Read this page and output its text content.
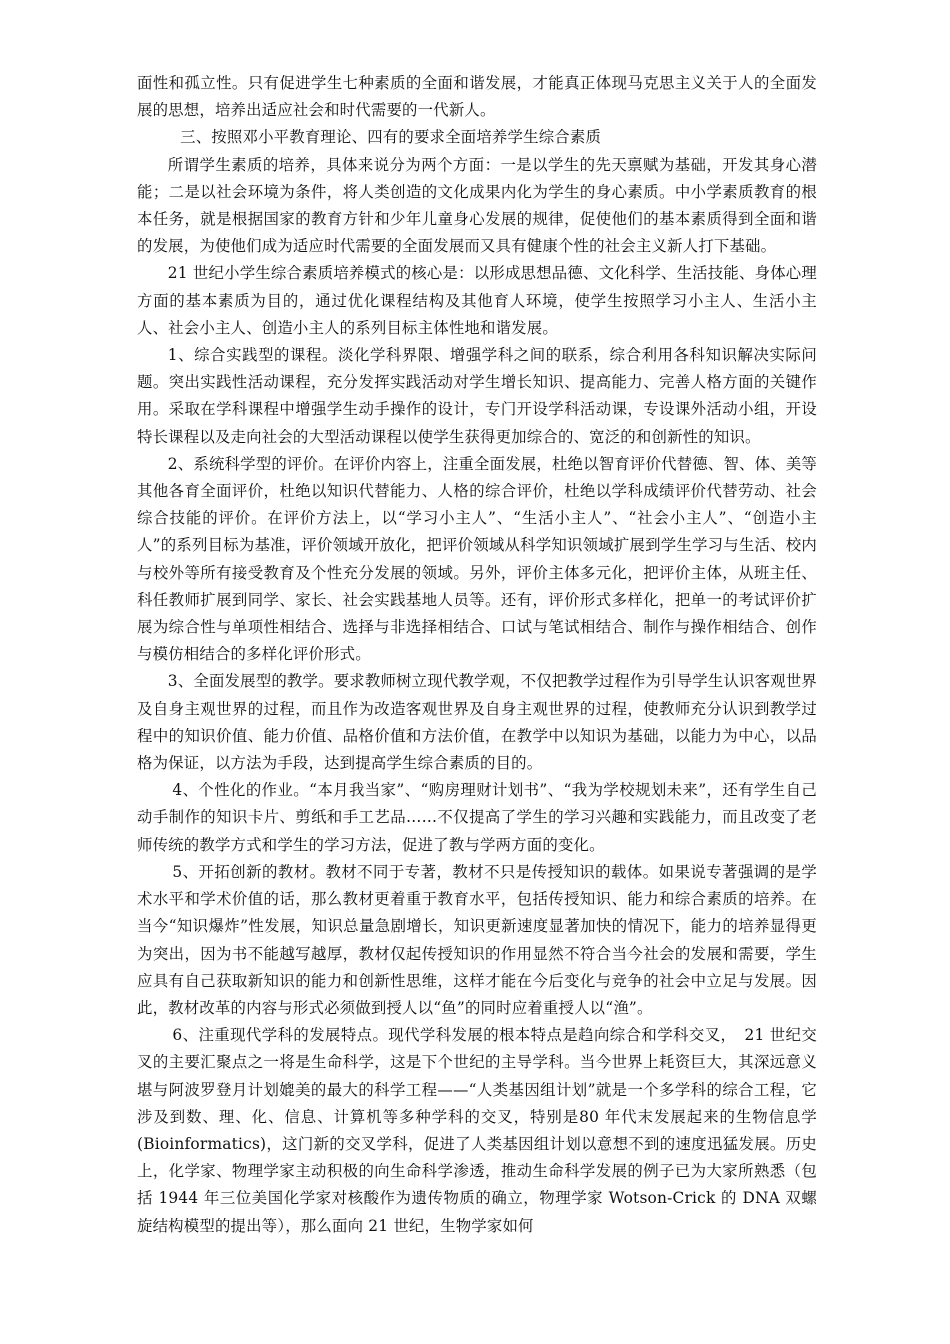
面性和孤立性。只有促进学生七种素质的全面和谐发展，才能真正体现马克思主义关于人的全面发展的思想，培养出适应社会和时代需要的一代新人。

三、按照邓小平教育理论、四有的要求全面培养学生综合素质

所谓学生素质的培养，具体来说分为两个方面：一是以学生的先天禀赋为基础，开发其身心潜能；二是以社会环境为条件，将人类创造的文化成果内化为学生的身心素质。中小学素质教育的根本任务，就是根据国家的教育方针和少年儿童身心发展的规律，促使他们的基本素质得到全面和谐的发展，为使他们成为适应时代需要的全面发展而又具有健康个性的社会主义新人打下基础。

21 世纪小学生综合素质培养模式的核心是：以形成思想品德、文化科学、生活技能、身体心理方面的基本素质为目的，通过优化课程结构及其他育人环境，使学生按照学习小主人、生活小主人、社会小主人、创造小主人的系列目标主体性地和谐发展。

1、综合实践型的课程。淡化学科界限、增强学科之间的联系，综合利用各科知识解决实际问题。突出实践性活动课程，充分发挥实践活动对学生增长知识、提高能力、完善人格方面的关键作用。采取在学科课程中增强学生动手操作的设计，专门开设学科活动课，专设课外活动小组，开设特长课程以及走向社会的大型活动课程以使学生获得更加综合的、宽泛的和创新性的知识。

2、系统科学型的评价。在评价内容上，注重全面发展，杜绝以智育评价代替德、智、体、美等其他各育全面评价，杜绝以知识代替能力、人格的综合评价，杜绝以学科成绩评价代替劳动、社会综合技能的评价。在评价方法上，以“学习小主人”、“生活小主人”、“社会小主人”、“创造小主人”的系列目标为基准，评价领域开放化，把评价领域从科学知识领域扩展到学生学习与生活、校内与校外等所有接受教育及个性充分发展的领域。另外，评价主体多元化，把评价主体，从班主任、科任教师扩展到同学、家长、社会实践基地人员等。还有，评价形式多样化，把单一的考试评价扩展为综合性与单项性相结合、选择与非选择相结合、口试与笔试相结合、制作与操作相结合、创作与模仿相结合的多样化评价形式。

3、全面发展型的教学。要求教师树立现代教学观，不仅把教学过程作为引导学生认识客观世界及自身主观世界的过程，而且作为改造客观世界及自身主观世界的过程，使教师充分认识到教学过程中的知识价值、能力价值、品格价值和方法价值，在教学中以知识为基础，以能力为中心，以品格为保证，以方法为手段，达到提高学生综合素质的目的。

4、个性化的作业。“本月我当家”、“购房理财计划书”、“我为学校规划未来”，还有学生自己动手制作的知识卡片、剪纸和手工艺品……不仅提高了学生的学习兴趣和实践能力，而且改变了老师传统的教学方式和学生的学习方法，促进了教与学两方面的变化。

5、开拓创新的教材。教材不同于专著，教材不只是传授知识的载体。如果说专著强调的是学术水平和学术价值的话，那么教材更着重于教育水平，包括传授知识、能力和综合素质的培养。在当今“知识爆炸”性发展，知识总量急剧增长，知识更新速度显著加快的情况下，能力的培养显得更为突出，因为书不能越写越厚，教材仅起传授知识的作用显然不符合当今社会的发展和需要，学生应具有自己获取新知识的能力和创新性思维，这样才能在今后变化与竞争的社会中立足与发展。因此，教材改革的内容与形式必须做到授人以“鱼”的同时应着重授人以“渔”。

6、注重现代学科的发展特点。现代学科发展的根本特点是趋向综合和学科交叉，　21 世纪交叉的主要汇聚点之一将是生命科学，这是下个世纪的主导学科。当今世界上耗资巨大，其深远意义堪与阿波罗登月计划媲美的最大的科学工程——“人类基因组计划”就是一个多学科的综合工程，它涉及到数、理、化、信息、计算机等多种学科的交叉，特别是80 年代末发展起来的生物信息学(Bioinformatics)，这门新的交叉学科，促进了人类基因组计划以意想不到的速度迅猛发展。历史上，化学家、物理学家主动积极的向生命科学渗透，推动生命科学发展的例子已为大家所熟悉（包括 1944 年三位美国化学家对核酸作为遗传物质的确立，物理学家 Wotson-Crick 的 DNA 双螺旋结构模型的提出等），那么面向 21 世纪，生物学家如何
